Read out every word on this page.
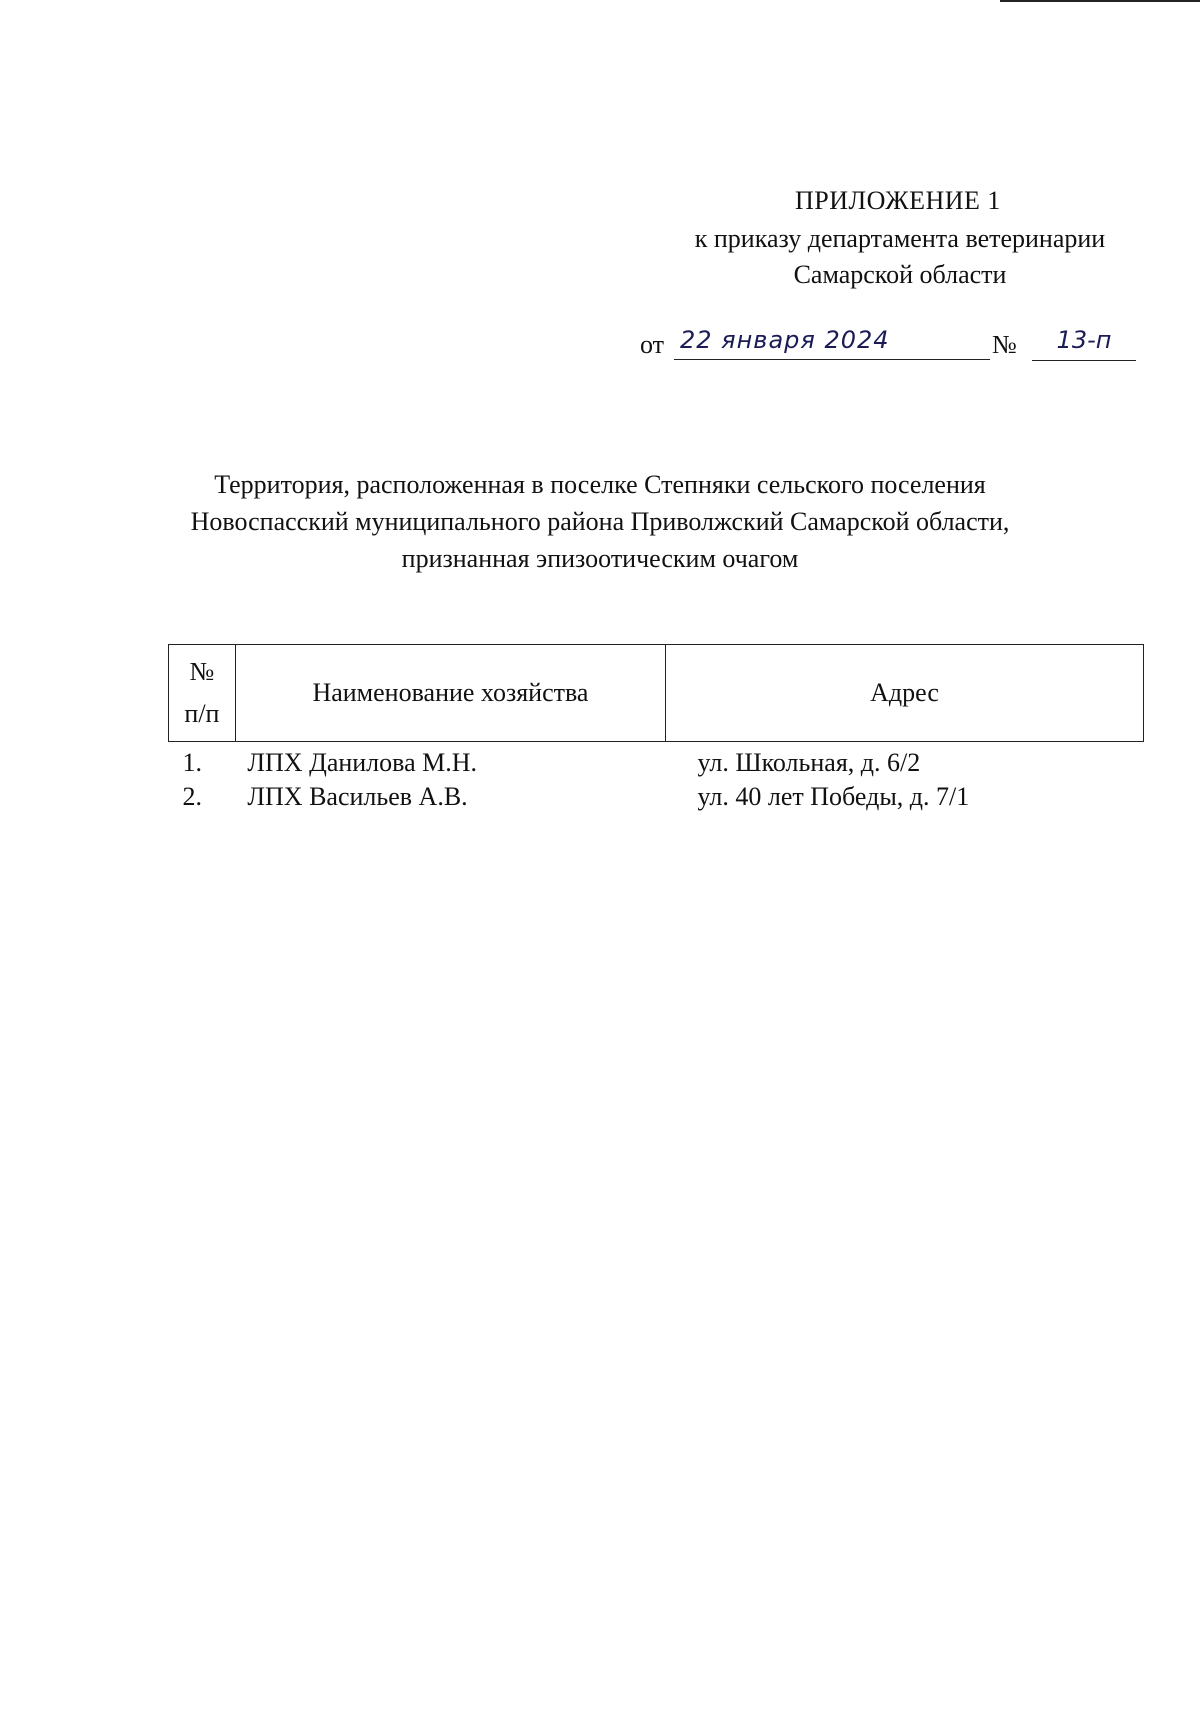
ПРИЛОЖЕНИЕ 1
к приказу департамента ветеринарии
Самарской области
от 22 января 2024	№	13-п
Территория, расположенная в поселке Степняки сельского поселения
Новоспасский муниципального района Приволжский Самарской области,
признанная эпизоотическим очагом
№
п/п	Наименование хозяйства	Адрес
1.	ЛПХ Данилова М.Н.	ул. Школьная, д. 6/2
2.	ЛПХ Васильев А.В.	ул. 40 лет Победы, д. 7/1
